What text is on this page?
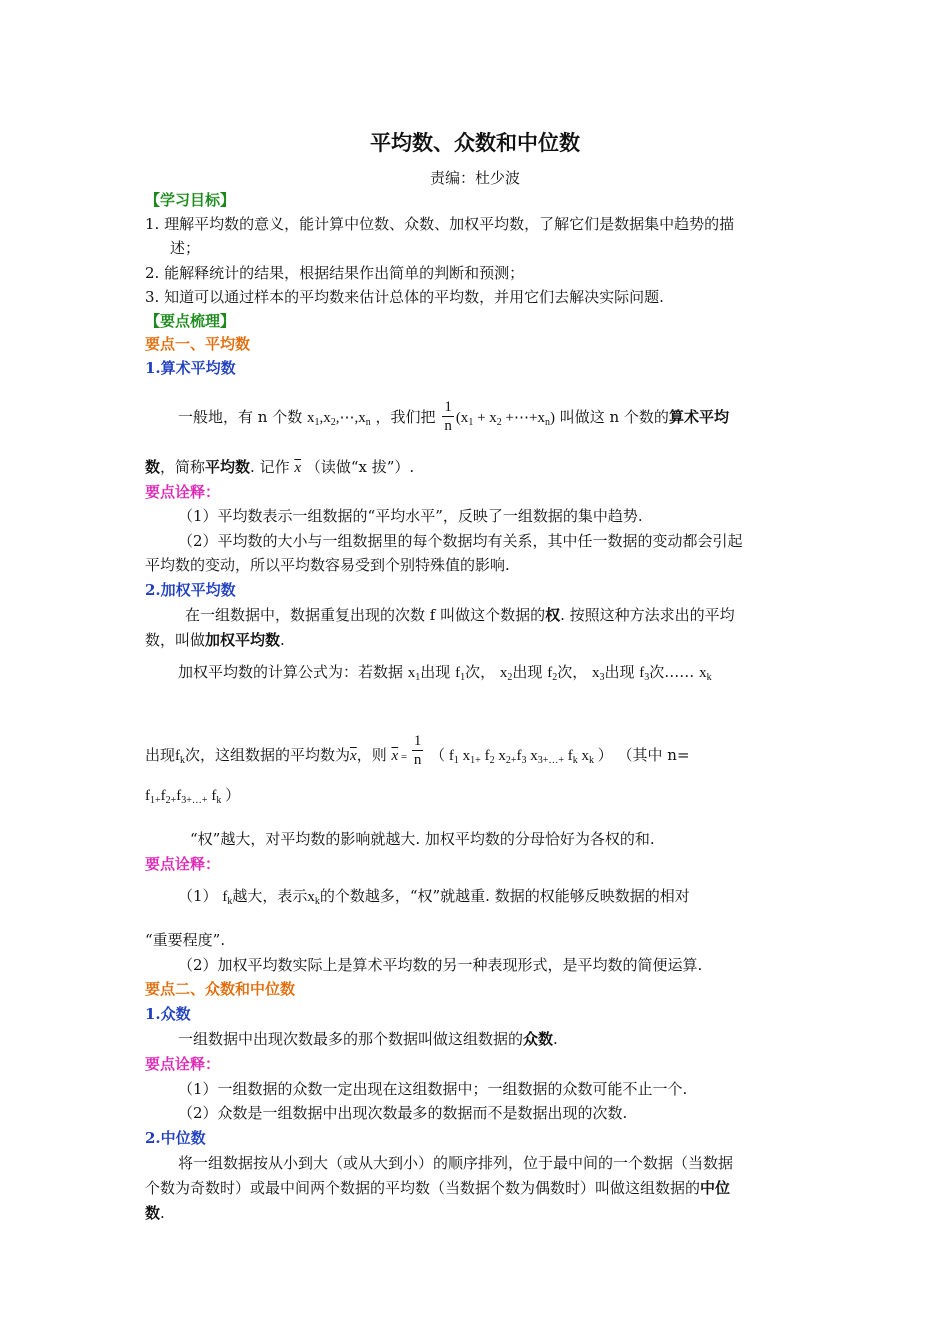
平均数、众数和中位数
责编：杜少波
【学习目标】
1. 理解平均数的意义，能计算中位数、众数、加权平均数，了解它们是数据集中趋势的描
述；
2. 能解释统计的结果，根据结果作出简单的判断和预测；
3. 知道可以通过样本的平均数来估计总体的平均数，并用它们去解决实际问题.
【要点梳理】
要点一、平均数
1.算术平均数
一般地，有 n 个数 $x_1,x_2,\cdots,x_n$ ，我们把 $\frac{1}{n} (x_1 + x_2$ $+\cdots+x_n$) 叫做这 n 个数的算术平均
数，简称平均数. 记作 $\overline{x}$ （读做“x 拔”）.
要点诠释：
（1）平均数表示一组数据的“平均水平”，反映了一组数据的集中趋势.
（2）平均数的大小与一组数据里的每个数据均有关系，其中任一数据的变动都会引起
平均数的变动，所以平均数容易受到个别特殊值的影响.
2.加权平均数
在一组数据中，数据重复出现的次数 f 叫做这个数据的权. 按照这种方法求出的平均
数，叫做加权平均数.
加权平均数的计算公式为：若数据 $x_1$出现 $f_1$次， $x_2$出现 $f_2$次， $x_3$出现 $f_3$次…… $x_k$
出现$f_k$次，这组数据的平均数为$\overline{x}$，则 $\overline{x} = \frac{1}{n}$ （ $f_1$ $x_{1+}$ $f_2$ $x_{2+}f_3$ $x_{3+\dots+}$ $f_k$ $x_k$ ） （其中 n=
$f_{1+}f_{2+}f_{3+\dots+}$ $f_k$ ）
“权”越大，对平均数的影响就越大. 加权平均数的分母恰好为各权的和.
要点诠释：
（1） $f_k$越大，表示$x_k$的个数越多，“权”就越重. 数据的权能够反映数据的相对
“重要程度”.
（2）加权平均数实际上是算术平均数的另一种表现形式，是平均数的简便运算.
要点二、众数和中位数
1.众数
一组数据中出现次数最多的那个数据叫做这组数据的众数.
要点诠释：
（1）一组数据的众数一定出现在这组数据中；一组数据的众数可能不止一个.
（2）众数是一组数据中出现次数最多的数据而不是数据出现的次数.
2.中位数
将一组数据按从小到大（或从大到小）的顺序排列，位于最中间的一个数据（当数据
个数为奇数时）或最中间两个数据的平均数（当数据个数为偶数时）叫做这组数据的中位
数.
